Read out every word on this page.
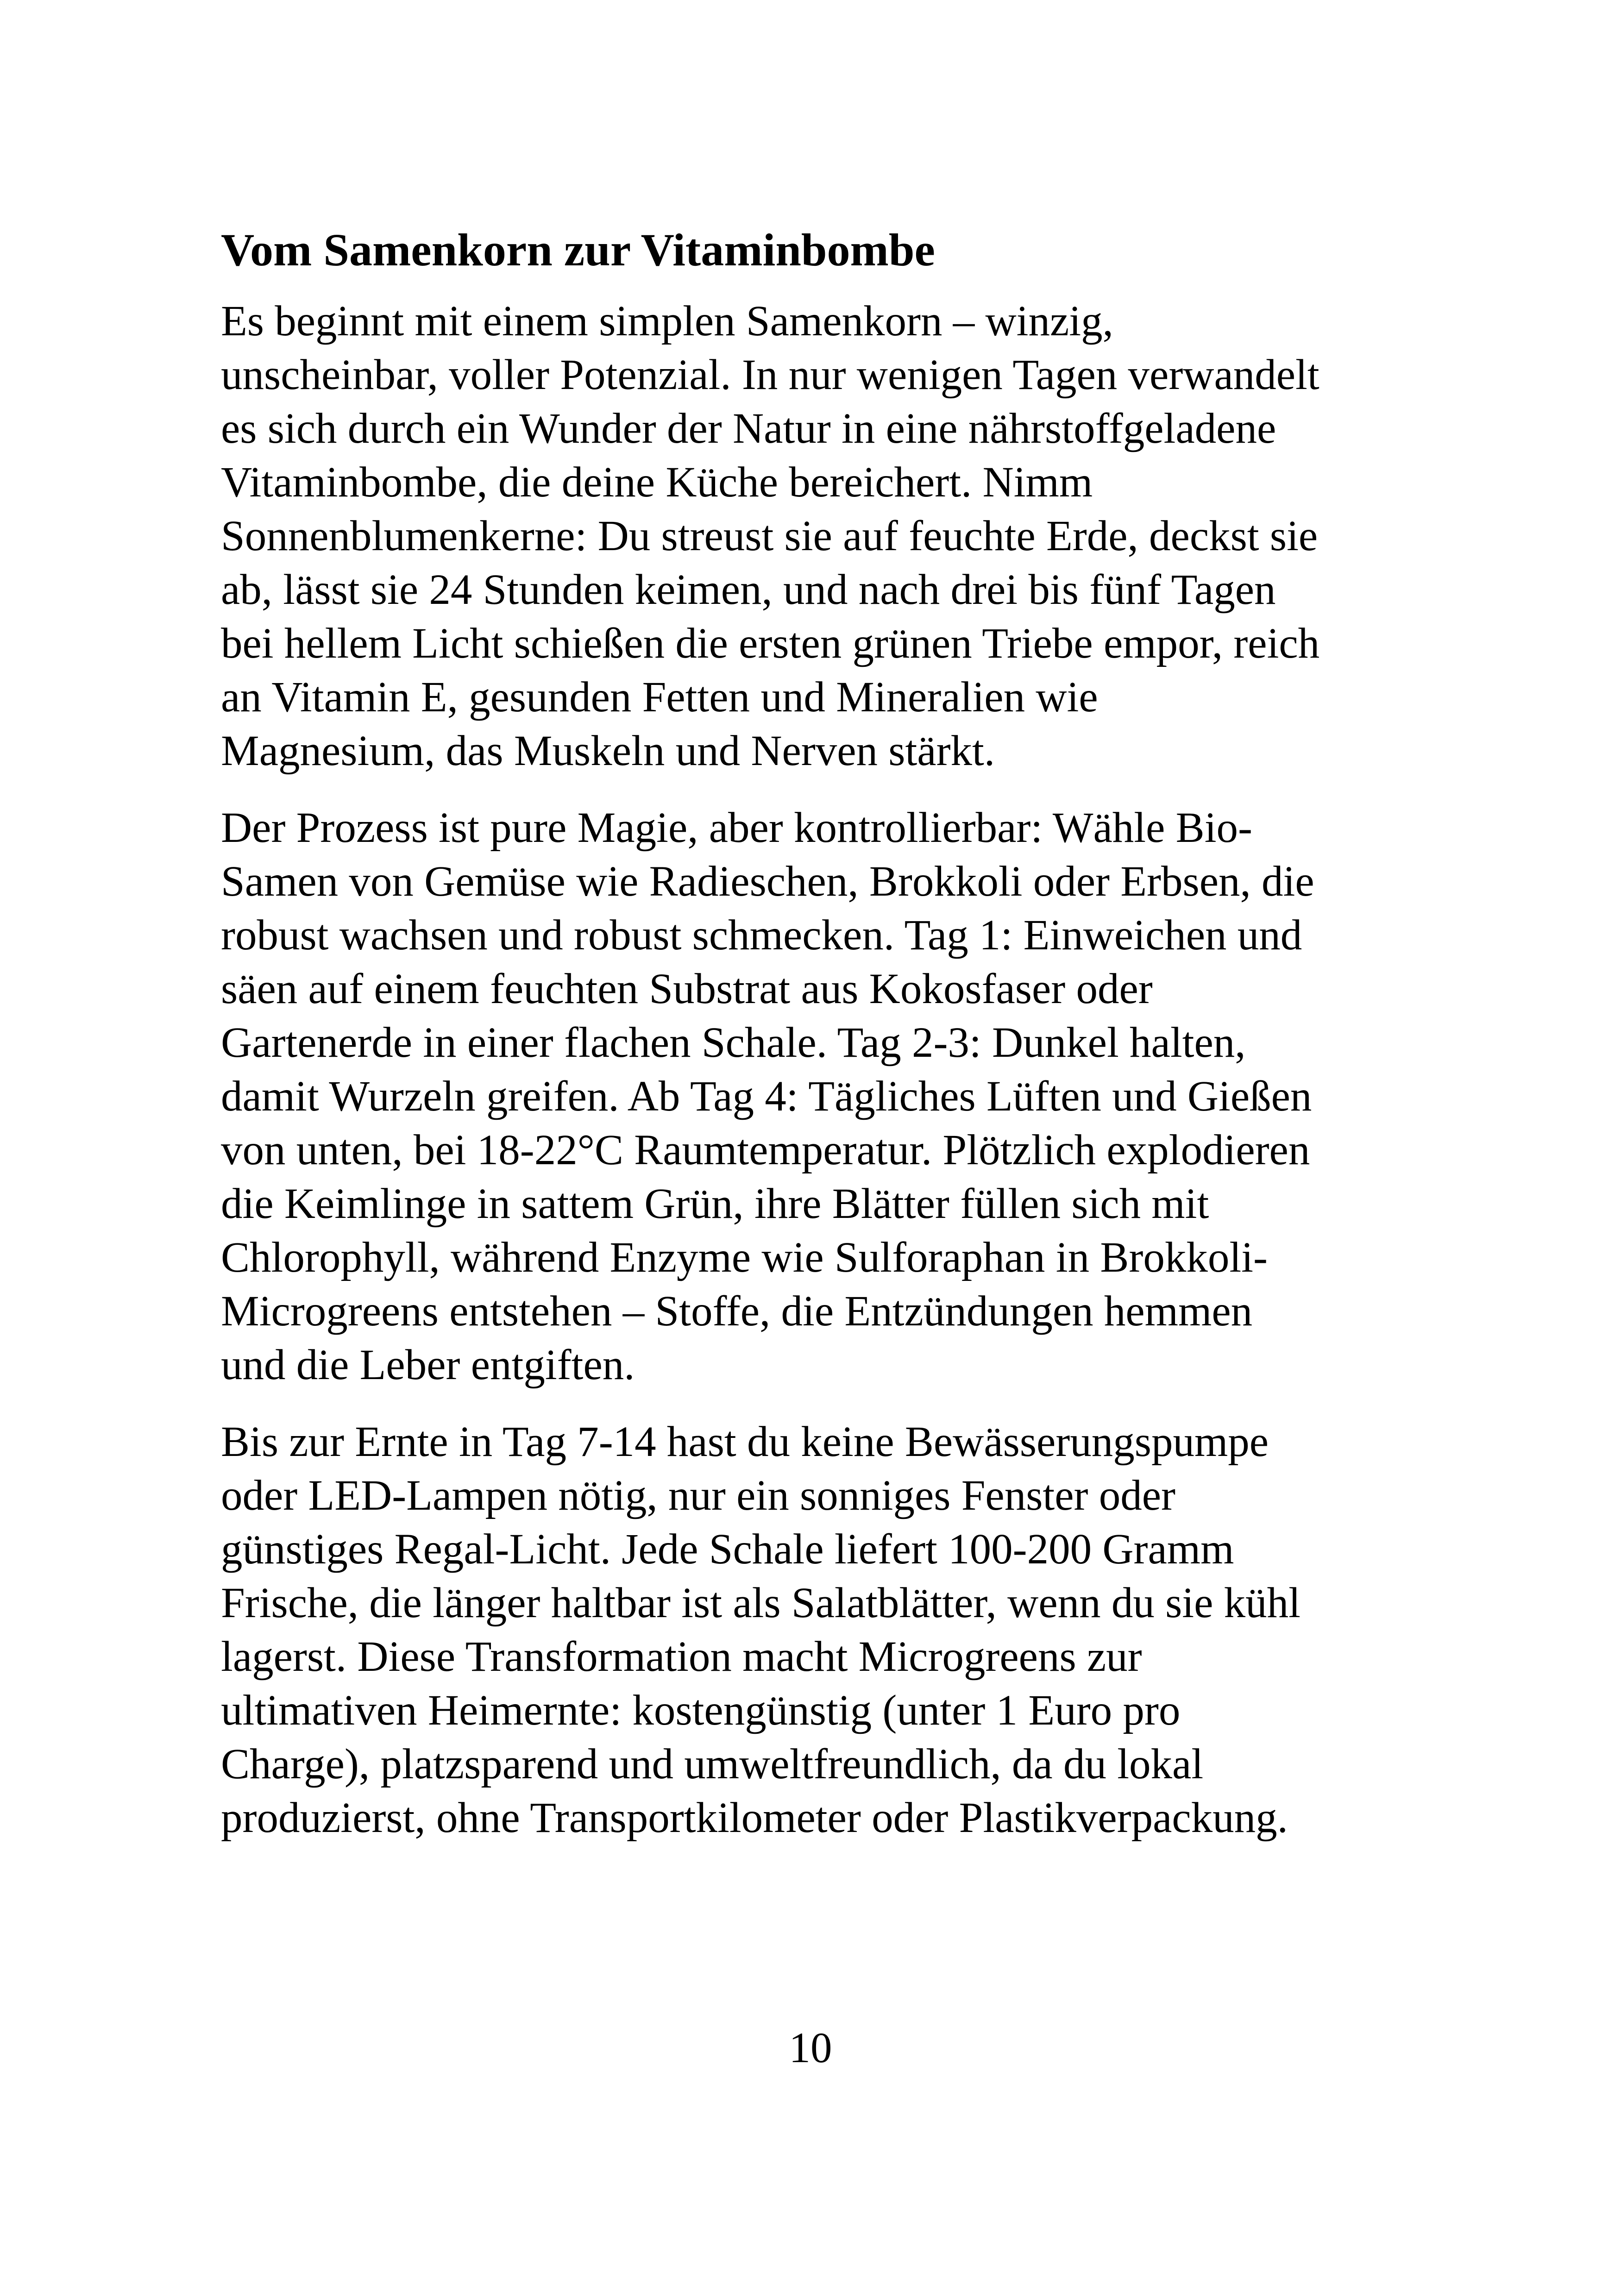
Vom Samenkorn zur Vitaminbombe

Es beginnt mit einem simplen Samenkorn – winzig,
unscheinbar, voller Potenzial. In nur wenigen Tagen verwandelt
es sich durch ein Wunder der Natur in eine nährstoffgeladene
Vitaminbombe, die deine Küche bereichert. Nimm
Sonnenblumenkerne: Du streust sie auf feuchte Erde, deckst sie
ab, lässt sie 24 Stunden keimen, und nach drei bis fünf Tagen
bei hellem Licht schießen die ersten grünen Triebe empor, reich
an Vitamin E, gesunden Fetten und Mineralien wie
Magnesium, das Muskeln und Nerven stärkt.

Der Prozess ist pure Magie, aber kontrollierbar: Wähle Bio-
Samen von Gemüse wie Radieschen, Brokkoli oder Erbsen, die
robust wachsen und robust schmecken. Tag 1: Einweichen und
säen auf einem feuchten Substrat aus Kokosfaser oder
Gartenerde in einer flachen Schale. Tag 2-3: Dunkel halten,
damit Wurzeln greifen. Ab Tag 4: Tägliches Lüften und Gießen
von unten, bei 18-22°C Raumtemperatur. Plötzlich explodieren
die Keimlinge in sattem Grün, ihre Blätter füllen sich mit
Chlorophyll, während Enzyme wie Sulforaphan in Brokkoli-
Microgreens entstehen – Stoffe, die Entzündungen hemmen
und die Leber entgiften.

Bis zur Ernte in Tag 7-14 hast du keine Bewässerungspumpe
oder LED-Lampen nötig, nur ein sonniges Fenster oder
günstiges Regal-Licht. Jede Schale liefert 100-200 Gramm
Frische, die länger haltbar ist als Salatblätter, wenn du sie kühl
lagerst. Diese Transformation macht Microgreens zur
ultimativen Heimernte: kostengünstig (unter 1 Euro pro
Charge), platzsparend und umweltfreundlich, da du lokal
produzierst, ohne Transportkilometer oder Plastikverpackung.

10
